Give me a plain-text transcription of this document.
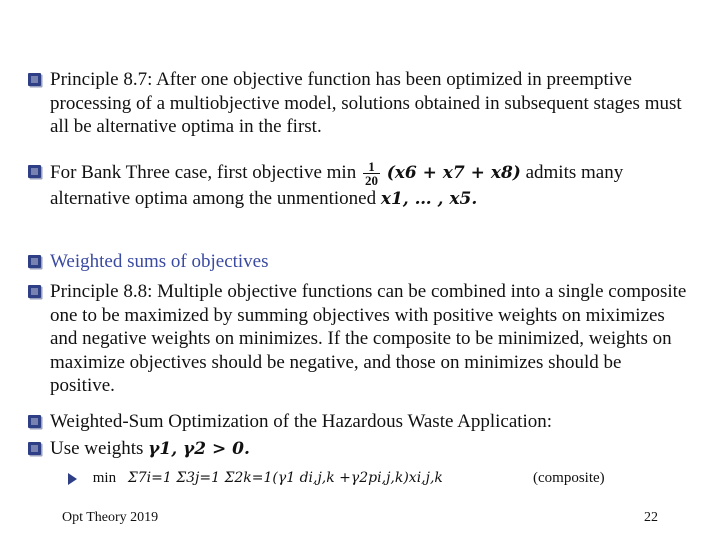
Principle 8.7: After one objective function has been optimized in preemptive processing of a multiobjective model, solutions obtained in subsequent stages must all be alternative optima in the first.
For Bank Three case, first objective $\min \frac{1}{20} (x6 + x7 + x8)$ admits many alternative optima among the unmentioned x1, … , x5.
Weighted sums of objectives
Principle 8.8: Multiple objective functions can be combined into a single composite one to be maximized by summing objectives with positive weights on miximizes and negative weights on minimizes. If the composite to be minimized, weights on maximize objectives should be negative, and those on minimizes should be positive.
Weighted-Sum Optimization of the Hazardous Waste Application:
Use weights γ1, γ2 > 0.
min Σ7i=1 Σ3j=1 Σ2k=1(γ1 di,j,k +γ2pi,j,k)xi,j,k	(composite)
Opt Theory 2019	22
